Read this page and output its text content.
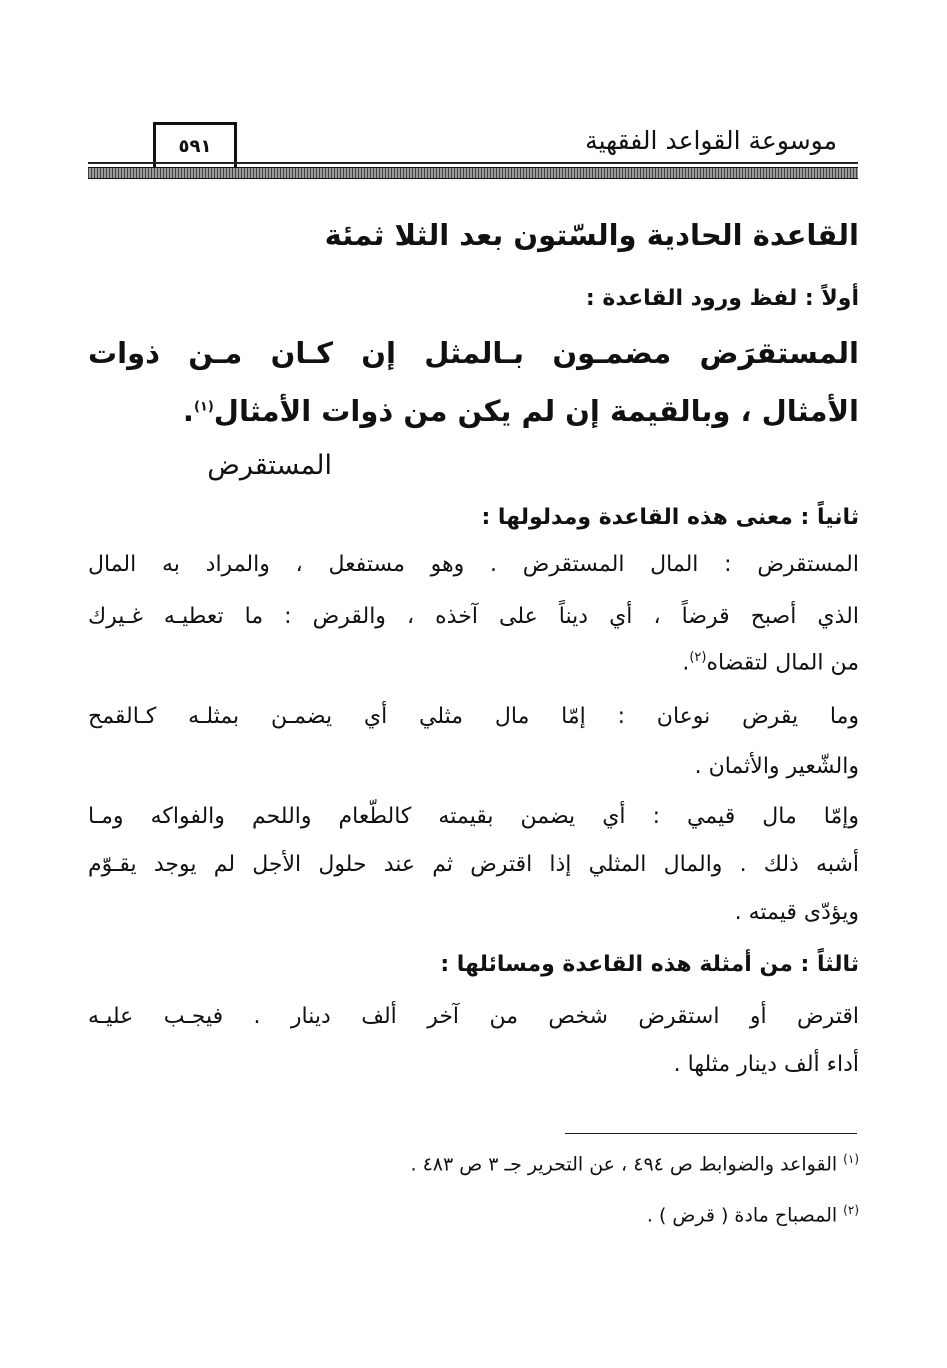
موسوعة القواعد الفقهية
٥٩١
القاعدة الحادية والسّتون بعد الثلا ثمئة
أولاً : لفظ ورود القاعدة :
المستقرَض مضمـون بـالمثل إن كـان مـن ذوات
الأمثال ، وبالقيمة إن لم يكن من ذوات الأمثال$^{(١)}$.
المستقرض
ثانياً : معنى هذه القاعدة ومدلولها :
المستقرض : المال المستقرض . وهو مستفعل ، والمراد به المال
الذي أصبح قرضاً ، أي ديناً على آخذه ، والقرض : ما تعطيـه غـيرك
من المال لتقضاه$^{(٢)}$.
وما يقرض نوعان : إمّا مال مثلي أي يضمـن بمثلـه كـالقمح
والشّعير والأثمان .
وإمّا مال قيمي : أي يضمن بقيمته كالطّعام واللحم والفواكه ومـا
أشبه ذلك . والمال المثلي إذا اقترض ثم عند حلول الأجل لم يوجد يقـوّم
ويؤدّى قيمته .
ثالثاً : من أمثلة هذه القاعدة ومسائلها :
اقترض أو استقرض شخص من آخر ألف دينار . فيجـب عليـه
أداء ألف دينار مثلها .
$^{(١)}$القواعد والضوابط ص ٤٩٤ ، عن التحرير جـ ٣ ص ٤٨٣ .
$^{(٢)}$المصباح مادة ( قرض ) .
